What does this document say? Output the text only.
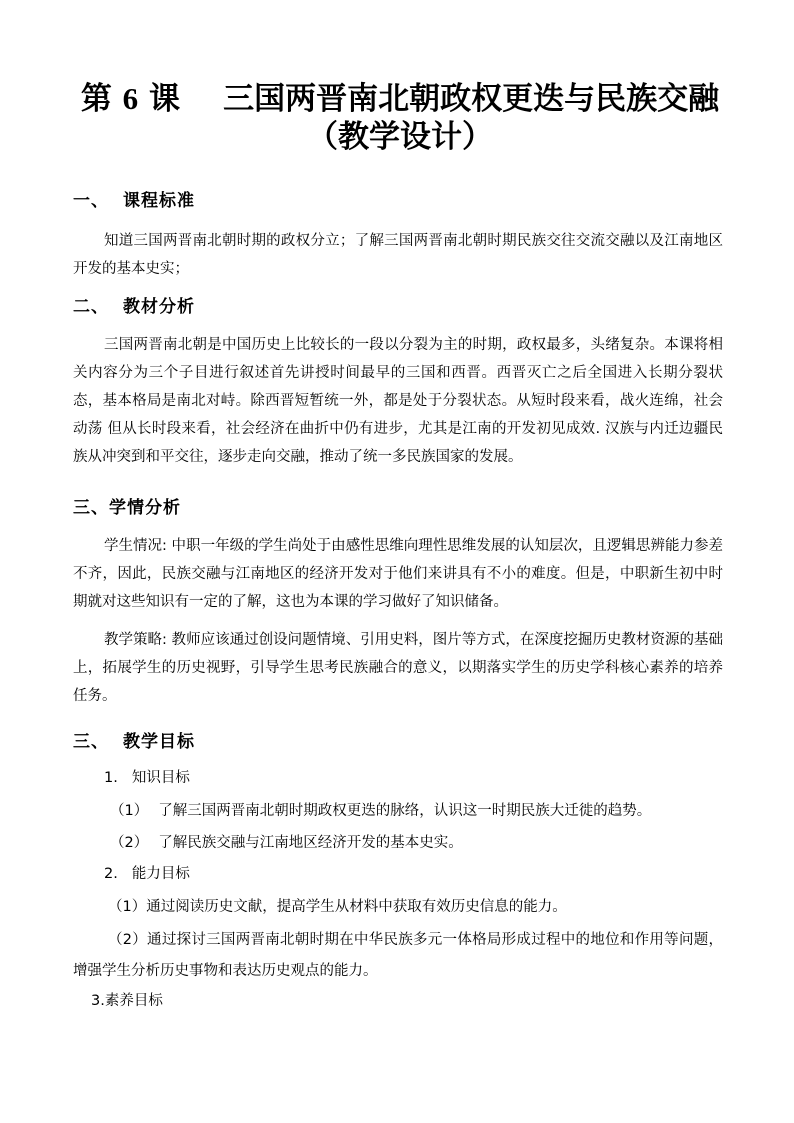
第 6 课 三国两晋南北朝政权更迭与民族交融
（教学设计）
一、 课程标准
知道三国两晋南北朝时期的政权分立；了解三国两晋南北朝时期民族交往交流交融以及江南地区开发的基本史实；
二、 教材分析
三国两晋南北朝是中国历史上比较长的一段以分裂为主的时期，政权最多，头绪复杂。本课将相关内容分为三个子目进行叙述首先讲授时间最早的三国和西晋。西晋灭亡之后全国进入长期分裂状态，基本格局是南北对峙。除西晋短暂统一外，都是处于分裂状态。从短时段来看，战火连绵，社会动荡 但从长时段来看，社会经济在曲折中仍有进步，尤其是江南的开发初见成效. 汉族与内迁边疆民族从冲突到和平交往，逐步走向交融，推动了统一多民族国家的发展。
三、学情分析
学生情况: 中职一年级的学生尚处于由感性思维向理性思维发展的认知层次，且逻辑思辨能力参差不齐，因此，民族交融与江南地区的经济开发对于他们来讲具有不小的难度。但是，中职新生初中时期就对这些知识有一定的了解，这也为本课的学习做好了知识储备。
教学策略: 教师应该通过创设问题情境、引用史料，图片等方式，在深度挖掘历史教材资源的基础上，拓展学生的历史视野，引导学生思考民族融合的意义，以期落实学生的历史学科核心素养的培养任务。
三、 教学目标
1. 知识目标
（1） 了解三国两晋南北朝时期政权更迭的脉络，认识这一时期民族大迁徙的趋势。
（2） 了解民族交融与江南地区经济开发的基本史实。
2. 能力目标
（1）通过阅读历史文献，提高学生从材料中获取有效历史信息的能力。
（2）通过探讨三国两晋南北朝时期在中华民族多元一体格局形成过程中的地位和作用等问题，增强学生分析历史事物和表达历史观点的能力。
3.素养目标
